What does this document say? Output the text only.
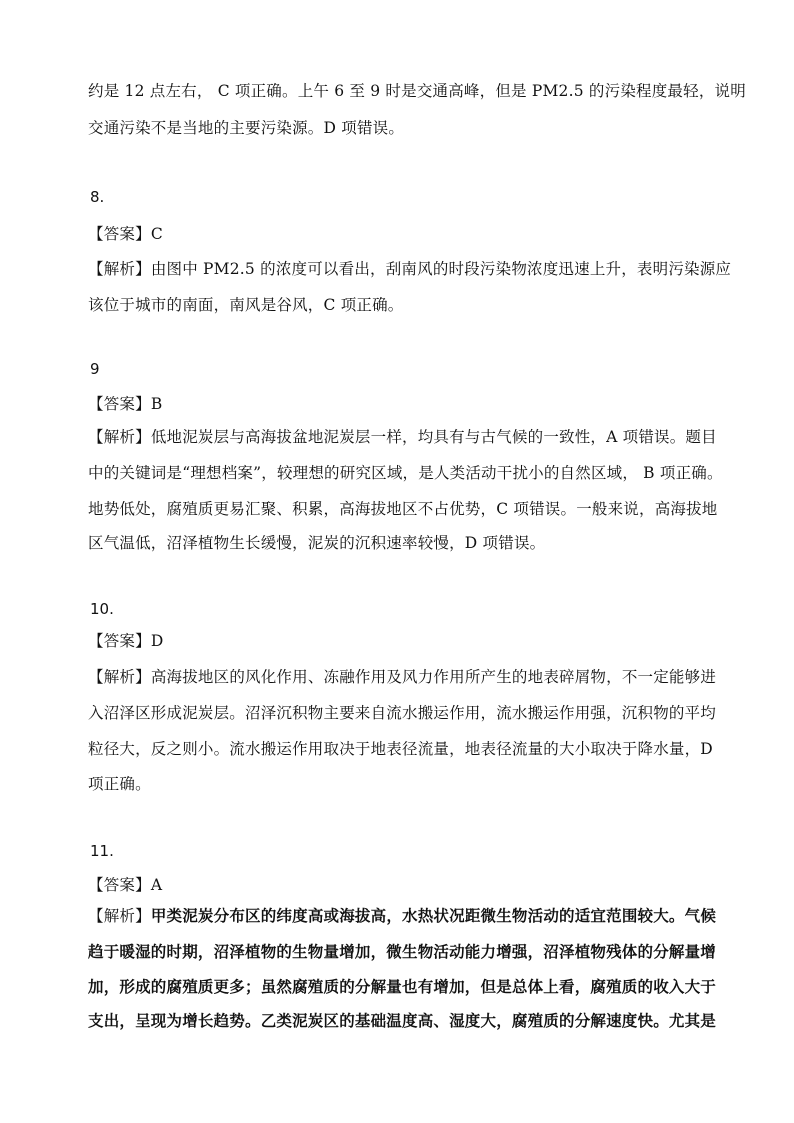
约是 12 点左右， C 项正确。上午 6 至 9 时是交通高峰，但是 PM2.5 的污染程度最轻，说明
交通污染不是当地的主要污染源。D 项错误。
8.
【答案】C
【解析】由图中 PM2.5 的浓度可以看出，刮南风的时段污染物浓度迅速上升，表明污染源应
该位于城市的南面，南风是谷风，C 项正确。
9
【答案】B
【解析】低地泥炭层与高海拔盆地泥炭层一样，均具有与古气候的一致性，A 项错误。题目
中的关键词是“理想档案”，较理想的研究区域，是人类活动干扰小的自然区域， B 项正确。
地势低处，腐殖质更易汇聚、积累，高海拔地区不占优势，C 项错误。一般来说，高海拔地
区气温低，沼泽植物生长缓慢，泥炭的沉积速率较慢，D 项错误。
10.
【答案】D
【解析】高海拔地区的风化作用、冻融作用及风力作用所产生的地表碎屑物，不一定能够进
入沼泽区形成泥炭层。沼泽沉积物主要来自流水搬运作用，流水搬运作用强，沉积物的平均
粒径大，反之则小。流水搬运作用取决于地表径流量，地表径流量的大小取决于降水量，D
项正确。
11.
【答案】A
【解析】甲类泥炭分布区的纬度高或海拔高，水热状况距微生物活动的适宜范围较大。气候
趋于暖湿的时期，沼泽植物的生物量增加，微生物活动能力增强，沼泽植物残体的分解量增
加，形成的腐殖质更多；虽然腐殖质的分解量也有增加，但是总体上看，腐殖质的收入大于
支出，呈现为增长趋势。乙类泥炭区的基础温度高、湿度大，腐殖质的分解速度快。尤其是
